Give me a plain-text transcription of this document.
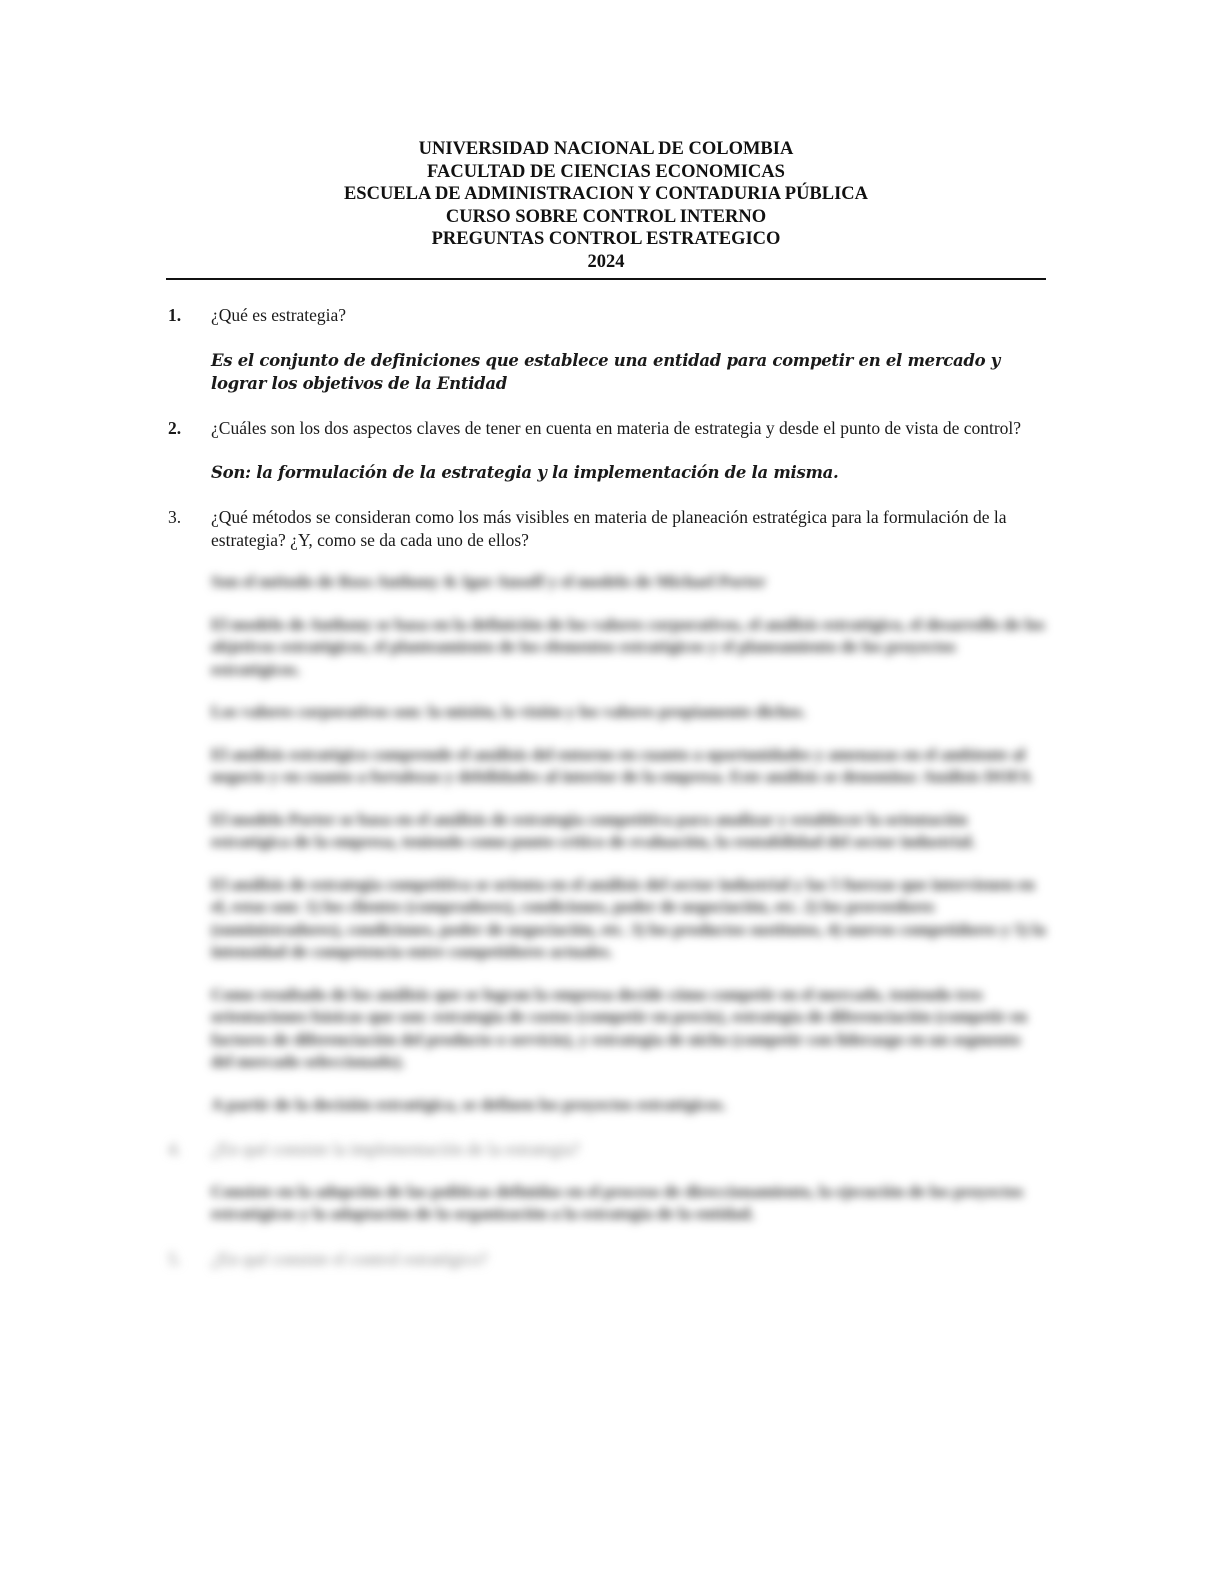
UNIVERSIDAD NACIONAL DE COLOMBIA
FACULTAD DE CIENCIAS ECONOMICAS
ESCUELA DE ADMINISTRACION Y CONTADURIA PÚBLICA
CURSO SOBRE CONTROL INTERNO
PREGUNTAS CONTROL ESTRATEGICO
2024
1. ¿Qué es estrategia?
Es el conjunto de definiciones que establece una entidad para competir en el mercado y lograr los objetivos de la Entidad
2. ¿Cuáles son los dos aspectos claves de tener en cuenta en materia de estrategia y desde el punto de vista de control?
Son: la formulación de la estrategia y la implementación de la misma.
3. ¿Qué métodos se consideran como los más visibles en materia de planeación estratégica para la formulación de la estrategia? ¿Y, como se da cada uno de ellos?
Son el método de Ross Anthony & Igor Ansoff y el modelo de Michael Porter
El modelo de Anthony se basa en la definición de los valores corporativos, el análisis estratégico, el desarrollo de los objetivos estratégicos, el planteamiento de los elementos estratégicos y el planeamiento de los proyectos estratégicos.
Los valores corporativos son: la misión, la visión y los valores propiamente dichos.
El análisis estratégico comprende el análisis del entorno en cuanto a oportunidades y amenazas en el ambiente al negocio y en cuanto a fortalezas y debilidades al interior de la empresa. Este análisis se denomina: Análisis DOFA
El modelo Porter se basa en el análisis de estrategia competitiva para analizar y establecer la orientación estratégica de la empresa, teniendo como punto crítico de evaluación, la rentabilidad del sector industrial.
El análisis de estrategia competitiva se orienta en el análisis del sector industrial y las 5 fuerzas que intervienen en el, estas son: 1) los clientes (compradores), condiciones, poder de negociación, etc. 2) los proveedores (suministradores), condiciones, poder de negociación, etc. 3) los productos sustitutos, 4) nuevos competidores y 5) la intensidad de competencia entre competidores actuales.
Como resultado de los análisis que se logran la empresa decide cómo competir en el mercado, teniendo tres orientaciones básicas que son: estrategia de costos (competir en precio), estrategia de diferenciación (competir en factores de diferenciación del producto o servicio), y estrategia de nicho (competir con liderazgo en un segmento del mercado seleccionado).
A partir de la decisión estratégica, se definen los proyectos estratégicos.
4. ¿En qué consiste la implementación de la estrategia?
Consiste en la adopción de las políticas definidas en el proceso de direccionamiento, la ejecución de los proyectos estratégicos y la adaptación de la organización a la estrategia de la entidad.
5. ¿En qué consiste el control estratégico?
